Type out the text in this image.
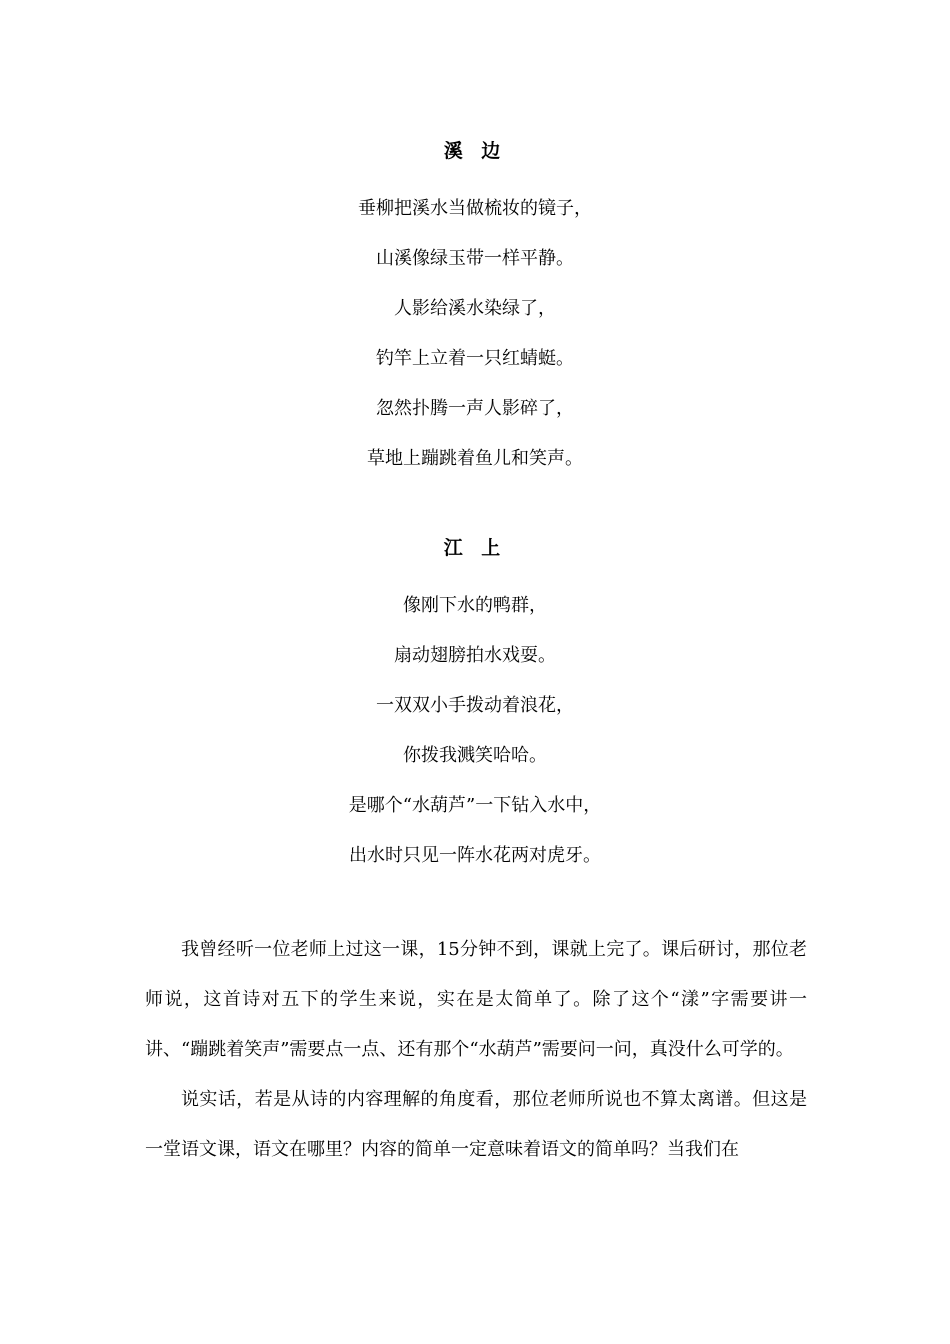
溪 边

垂柳把溪水当做梳妆的镜子，

山溪像绿玉带一样平静。

人影给溪水染绿了，

钓竿上立着一只红蜻蜓。

忽然扑腾一声人影碎了，

草地上蹦跳着鱼儿和笑声。

江 上

像刚下水的鸭群，

扇动翅膀拍水戏耍。

一双双小手拨动着浪花，

你拨我溅笑哈哈。

是哪个“水葫芦”一下钻入水中，

出水时只见一阵水花两对虎牙。

我曾经听一位老师上过这一课，15分钟不到，课就上完了。课后研讨，那位老师说，这首诗对五下的学生来说，实在是太简单了。除了这个“漾”字需要讲一讲、“蹦跳着笑声”需要点一点、还有那个“水葫芦”需要问一问，真没什么可学的。

说实话，若是从诗的内容理解的角度看，那位老师所说也不算太离谱。但这是一堂语文课，语文在哪里？内容的简单一定意味着语文的简单吗？当我们在
